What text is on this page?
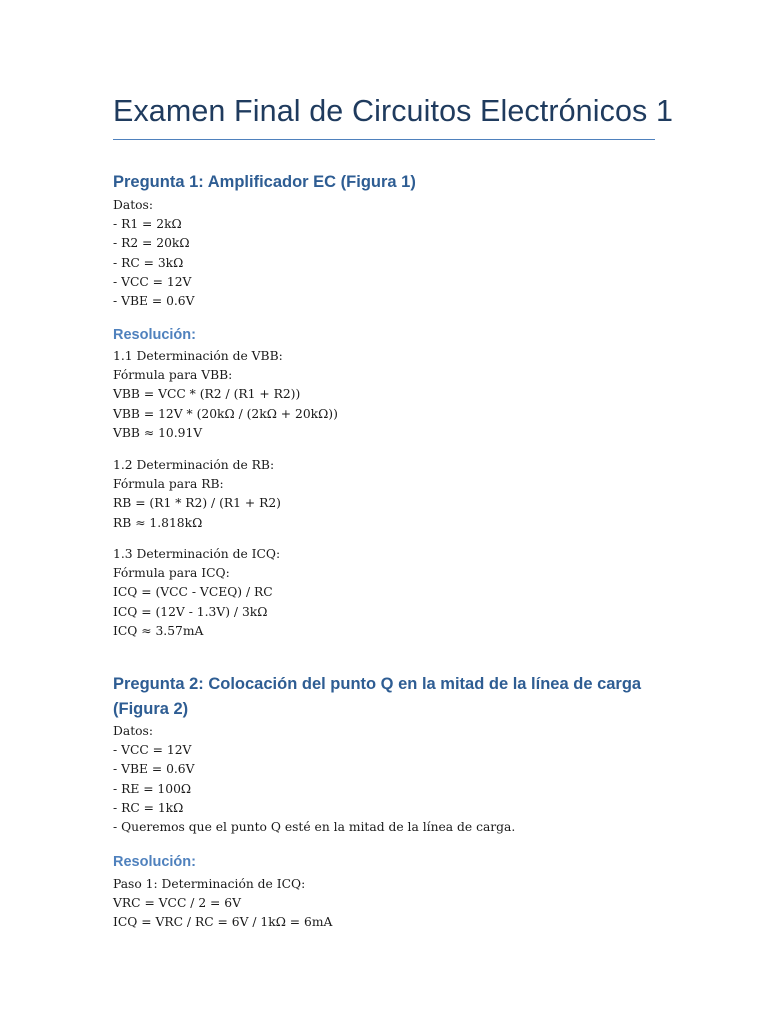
Examen Final de Circuitos Electrónicos 1
Pregunta 1: Amplificador EC (Figura 1)
Datos:
- R1 = 2kΩ
- R2 = 20kΩ
- RC = 3kΩ
- VCC = 12V
- VBE = 0.6V
Resolución:
1.1 Determinación de VBB:
Fórmula para VBB:
VBB = VCC * (R2 / (R1 + R2))
VBB = 12V * (20kΩ / (2kΩ + 20kΩ))
VBB ≈ 10.91V
1.2 Determinación de RB:
Fórmula para RB:
RB = (R1 * R2) / (R1 + R2)
RB ≈ 1.818kΩ
1.3 Determinación de ICQ:
Fórmula para ICQ:
ICQ = (VCC - VCEQ) / RC
ICQ = (12V - 1.3V) / 3kΩ
ICQ ≈ 3.57mA
Pregunta 2: Colocación del punto Q en la mitad de la línea de carga
(Figura 2)
Datos:
- VCC = 12V
- VBE = 0.6V
- RE = 100Ω
- RC = 1kΩ
- Queremos que el punto Q esté en la mitad de la línea de carga.
Resolución:
Paso 1: Determinación de ICQ:
VRC = VCC / 2 = 6V
ICQ = VRC / RC = 6V / 1kΩ = 6mA
